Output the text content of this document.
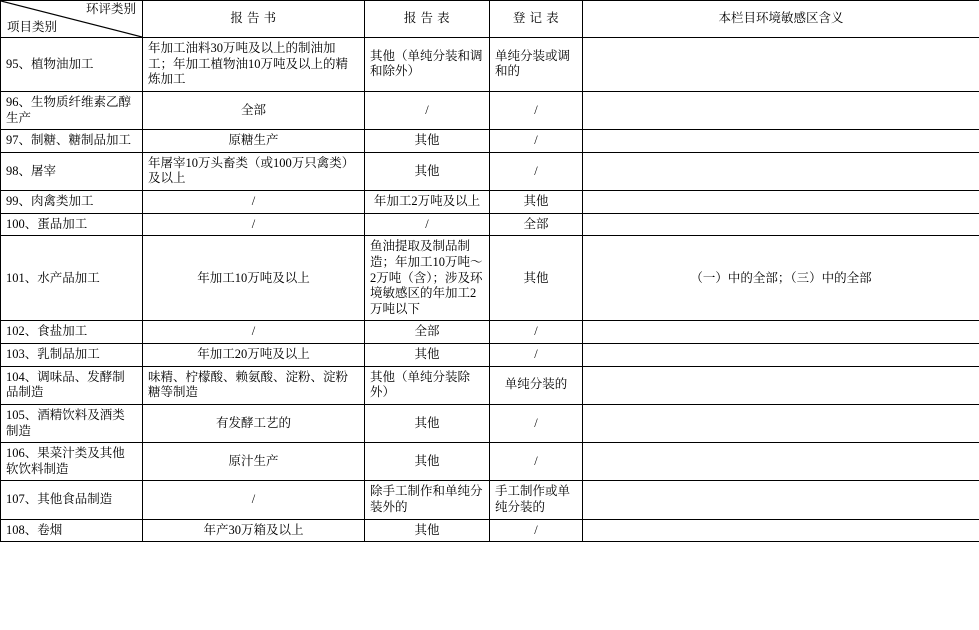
环评类别
项目类别	报 告 书	报 告 表	登 记 表	本栏目环境敏感区含义
95、植物油加工	年加工油料30万吨及以上的制油加工；年加工植物油10万吨及以上的精炼加工	其他（单纯分装和调和除外）	单纯分装或调和的	
96、生物质纤维素乙醇生产	全部	/	/	
97、制糖、糖制品加工	原糖生产	其他	/	
98、屠宰	年屠宰10万头畜类（或100万只禽类）及以上	其他	/	
99、肉禽类加工	/	年加工2万吨及以上	其他	
100、蛋品加工	/	/	全部	
101、水产品加工	年加工10万吨及以上	鱼油提取及制品制造；年加工10万吨～2万吨（含）；涉及环境敏感区的年加工2万吨以下	其他	（一）中的全部；（三）中的全部
102、食盐加工	/	全部	/	
103、乳制品加工	年加工20万吨及以上	其他	/	
104、调味品、发酵制品制造	味精、柠檬酸、赖氨酸、淀粉、淀粉糖等制造	其他（单纯分装除外）	单纯分装的	
105、酒精饮料及酒类制造	有发酵工艺的	其他	/	
106、果菜汁类及其他软饮料制造	原汁生产	其他	/	
107、其他食品制造	/	除手工制作和单纯分装外的	手工制作或单纯分装的	
108、卷烟	年产30万箱及以上	其他	/	
